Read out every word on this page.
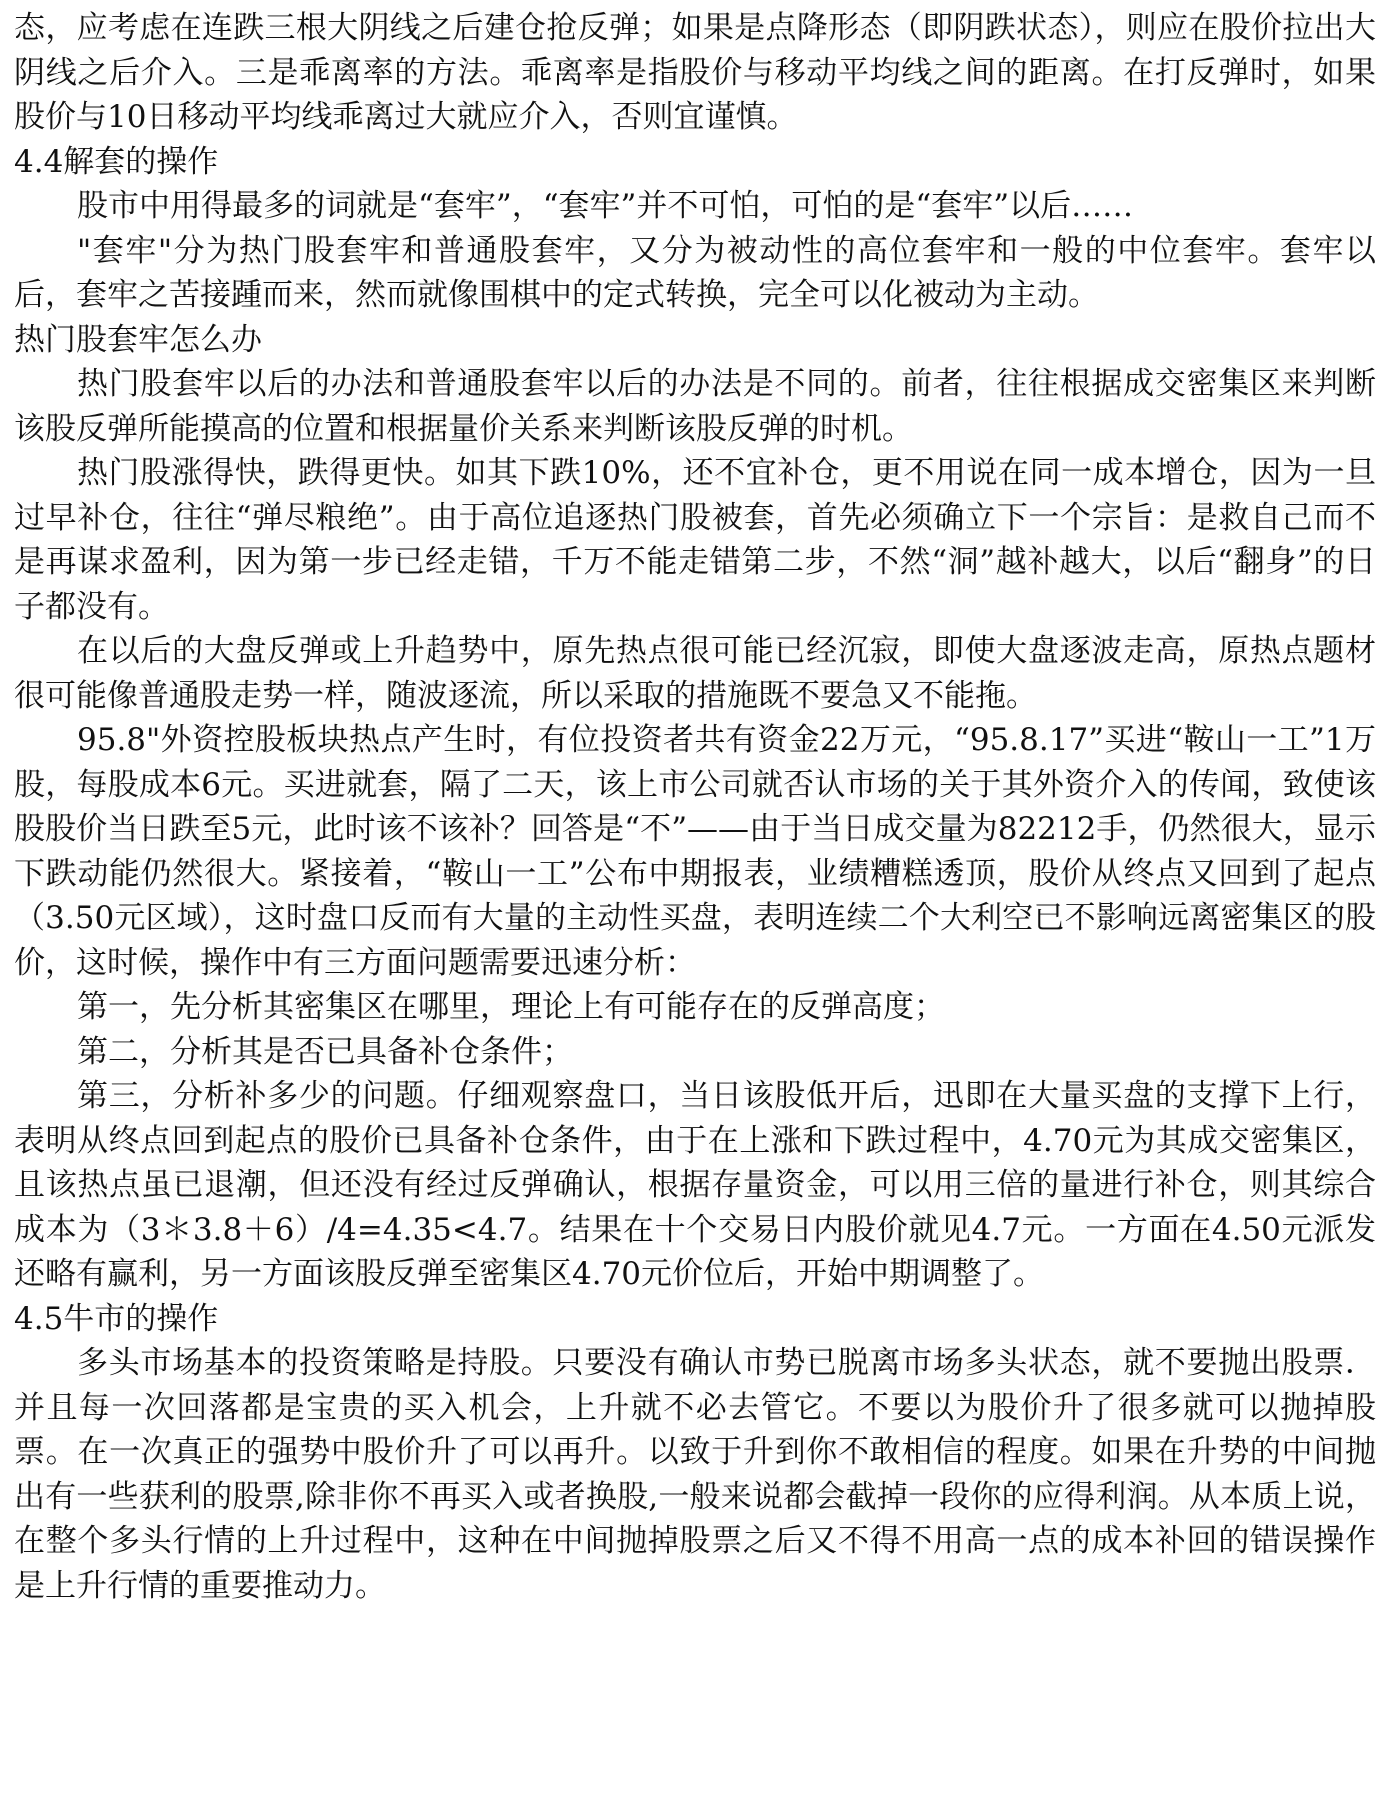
态，应考虑在连跌三根大阴线之后建仓抢反弹；如果是点降形态（即阴跌状态），则应在股价拉出大阴线之后介入。三是乖离率的方法。乖离率是指股价与移动平均线之间的距离。在打反弹时，如果股价与10日移动平均线乖离过大就应介入，否则宜谨慎。

4.4解套的操作

股市中用得最多的词就是“套牢”，“套牢”并不可怕，可怕的是“套牢”以后……

"套牢"分为热门股套牢和普通股套牢，又分为被动性的高位套牢和一般的中位套牢。套牢以后，套牢之苦接踵而来，然而就像围棋中的定式转换，完全可以化被动为主动。

热门股套牢怎么办

热门股套牢以后的办法和普通股套牢以后的办法是不同的。前者，往往根据成交密集区来判断该股反弹所能摸高的位置和根据量价关系来判断该股反弹的时机。

热门股涨得快，跌得更快。如其下跌10%，还不宜补仓，更不用说在同一成本增仓，因为一旦过早补仓，往往“弹尽粮绝”。由于高位追逐热门股被套，首先必须确立下一个宗旨：是救自己而不是再谋求盈利，因为第一步已经走错，千万不能走错第二步，不然“洞”越补越大，以后“翻身”的日子都没有。

在以后的大盘反弹或上升趋势中，原先热点很可能已经沉寂，即使大盘逐波走高，原热点题材很可能像普通股走势一样，随波逐流，所以采取的措施既不要急又不能拖。

95.8"外资控股板块热点产生时，有位投资者共有资金22万元，“95.8.17”买进“鞍山一工”1万股，每股成本6元。买进就套，隔了二天，该上市公司就否认市场的关于其外资介入的传闻，致使该股股价当日跌至5元，此时该不该补？回答是“不”——由于当日成交量为82212手，仍然很大，显示下跌动能仍然很大。紧接着，“鞍山一工”公布中期报表，业绩糟糕透顶，股价从终点又回到了起点（3.50元区域），这时盘口反而有大量的主动性买盘，表明连续二个大利空已不影响远离密集区的股价，这时候，操作中有三方面问题需要迅速分析：

第一，先分析其密集区在哪里，理论上有可能存在的反弹高度；

第二，分析其是否已具备补仓条件；

第三，分析补多少的问题。仔细观察盘口，当日该股低开后，迅即在大量买盘的支撑下上行，表明从终点回到起点的股价已具备补仓条件，由于在上涨和下跌过程中，4.70元为其成交密集区，且该热点虽已退潮，但还没有经过反弹确认，根据存量资金，可以用三倍的量进行补仓，则其综合成本为（3＊3.8＋6）/4=4.35<4.7。结果在十个交易日内股价就见4.7元。一方面在4.50元派发还略有赢利，另一方面该股反弹至密集区4.70元价位后，开始中期调整了。

4.5牛市的操作

多头市场基本的投资策略是持股。只要没有确认市势已脱离市场多头状态，就不要抛出股票．并且每一次回落都是宝贵的买入机会，上升就不必去管它。不要以为股价升了很多就可以抛掉股票。在一次真正的强势中股价升了可以再升。以致于升到你不敢相信的程度。如果在升势的中间抛出有一些获利的股票,除非你不再买入或者换股,一般来说都会截掉一段你的应得利润。从本质上说，在整个多头行情的上升过程中，这种在中间抛掉股票之后又不得不用高一点的成本补回的错误操作是上升行情的重要推动力。
